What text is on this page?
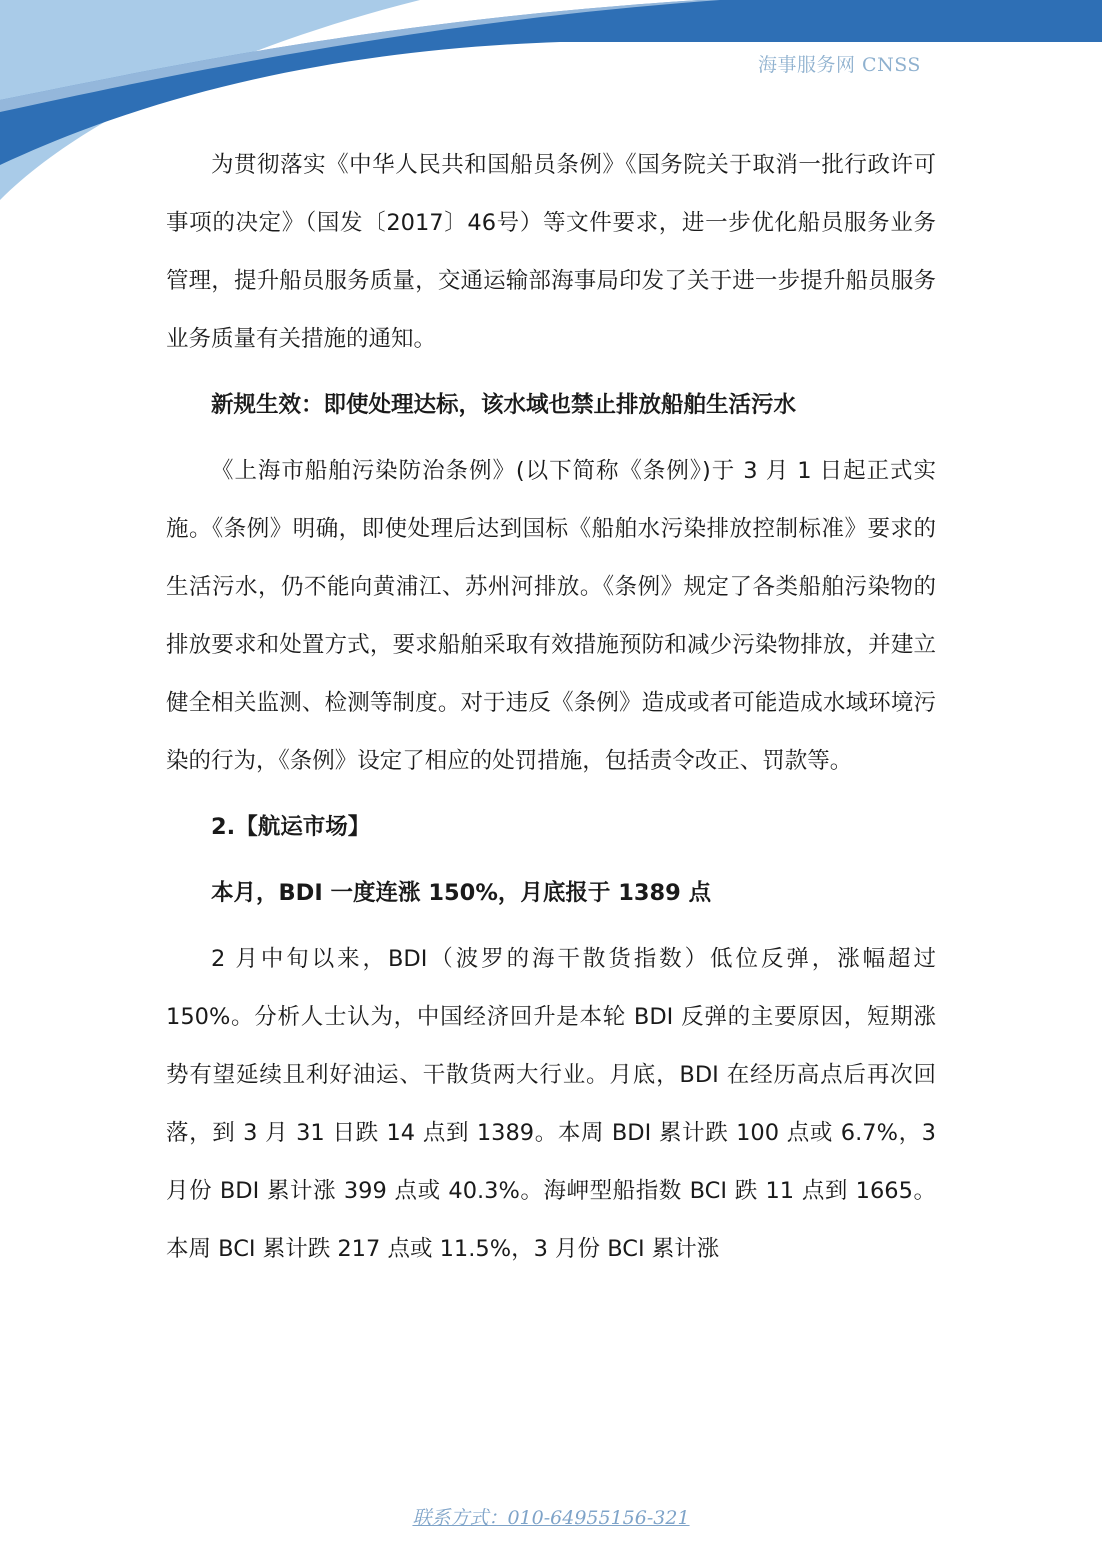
海事服务网 CNSS

为贯彻落实《中华人民共和国船员条例》《国务院关于取消一批行政许可事项的决定》（国发〔2017〕46号）等文件要求，进一步优化船员服务业务管理，提升船员服务质量，交通运输部海事局印发了关于进一步提升船员服务业务质量有关措施的通知。

新规生效：即使处理达标，该水域也禁止排放船舶生活污水

《上海市船舶污染防治条例》(以下简称《条例》)于 3 月 1 日起正式实施。《条例》明确，即使处理后达到国标《船舶水污染排放控制标准》要求的生活污水，仍不能向黄浦江、苏州河排放。《条例》规定了各类船舶污染物的排放要求和处置方式，要求船舶采取有效措施预防和减少污染物排放，并建立健全相关监测、检测等制度。对于违反《条例》造成或者可能造成水域环境污染的行为，《条例》设定了相应的处罚措施，包括责令改正、罚款等。

2.【航运市场】

本月，BDI 一度连涨 150%，月底报于 1389 点

2 月中旬以来，BDI（波罗的海干散货指数）低位反弹，涨幅超过 150%。分析人士认为，中国经济回升是本轮 BDI 反弹的主要原因，短期涨势有望延续且利好油运、干散货两大行业。月底，BDI 在经历高点后再次回落，到 3 月 31 日跌 14 点到 1389。本周 BDI 累计跌 100 点或 6.7%，3 月份 BDI 累计涨 399 点或 40.3%。海岬型船指数 BCI 跌 11 点到 1665。本周 BCI 累计跌 217 点或 11.5%，3 月份 BCI 累计涨

联系方式：010-64955156-321
